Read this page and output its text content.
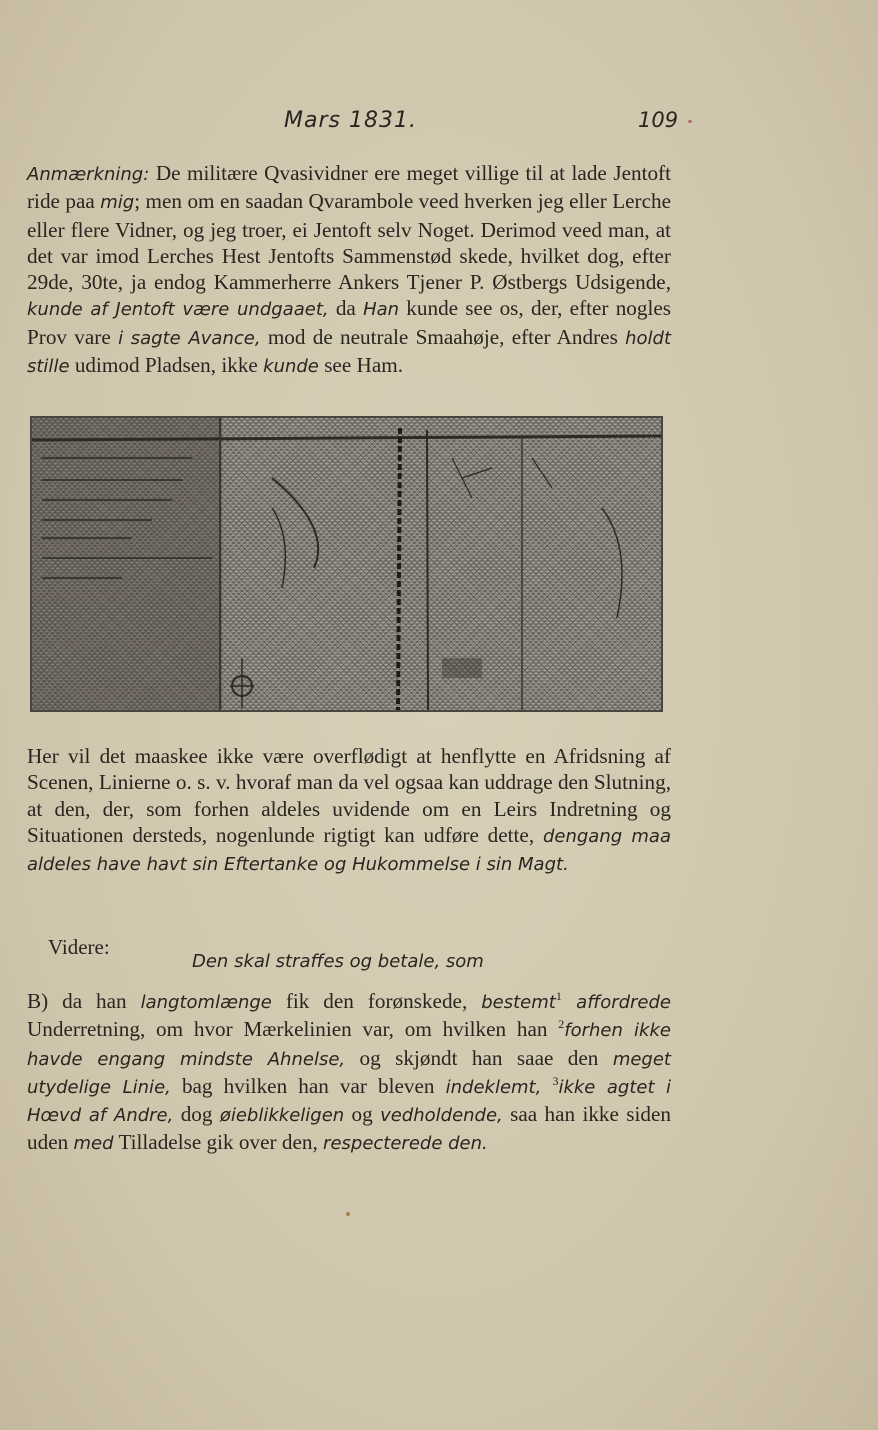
Mars 1831.	109
Anmærkning: De militære Qvasividner ere meget villige til at lade Jentoft ride paa mig; men om en saadan Qvarambole veed hverken jeg eller Lerche eller flere Vidner, og jeg troer, ei Jentoft selv Noget. Derimod veed man, at det var imod Lerches Hest Jentofts Sammenstød skede, hvilket dog, efter 29de, 30te, ja endog Kammerherre Ankers Tjener P. Østbergs Udsigende, kunde af Jentoft være undgaaet, da Han kunde see os, der, efter nogles Prov vare i sagte Avance, mod de neutrale Smaahøje, efter Andres holdt stille udimod Pladsen, ikke kunde see Ham.
Her vil det maaskee ikke være overflødigt at henflytte en Afridsning af Scenen, Linierne o. s. v. hvoraf man da vel ogsaa kan uddrage den Slutning, at den, der, som forhen aldeles uvidende om en Leirs Indretning og Situationen dersteds, nogenlunde rigtigt kan udføre dette, dengang maa aldeles have havt sin Eftertanke og Hukommelse i sin Magt.
Videre:
Den skal straffes og betale, som
B) da han langtomlænge fik den forønskede, bestemt$^1$ affordrede Underretning, om hvor Mærkelinien var, om hvilken han $^2$forhen ikke havde engang mindste Ahnelse, og skjøndt han saae den meget utydelige Linie, bag hvilken han var bleven indeklemt, $^3$ikke agtet i Hœvd af Andre, dog øieblikkeligen og vedholdende, saa han ikke siden uden med Tilladelse gik over den, respecterede den.
